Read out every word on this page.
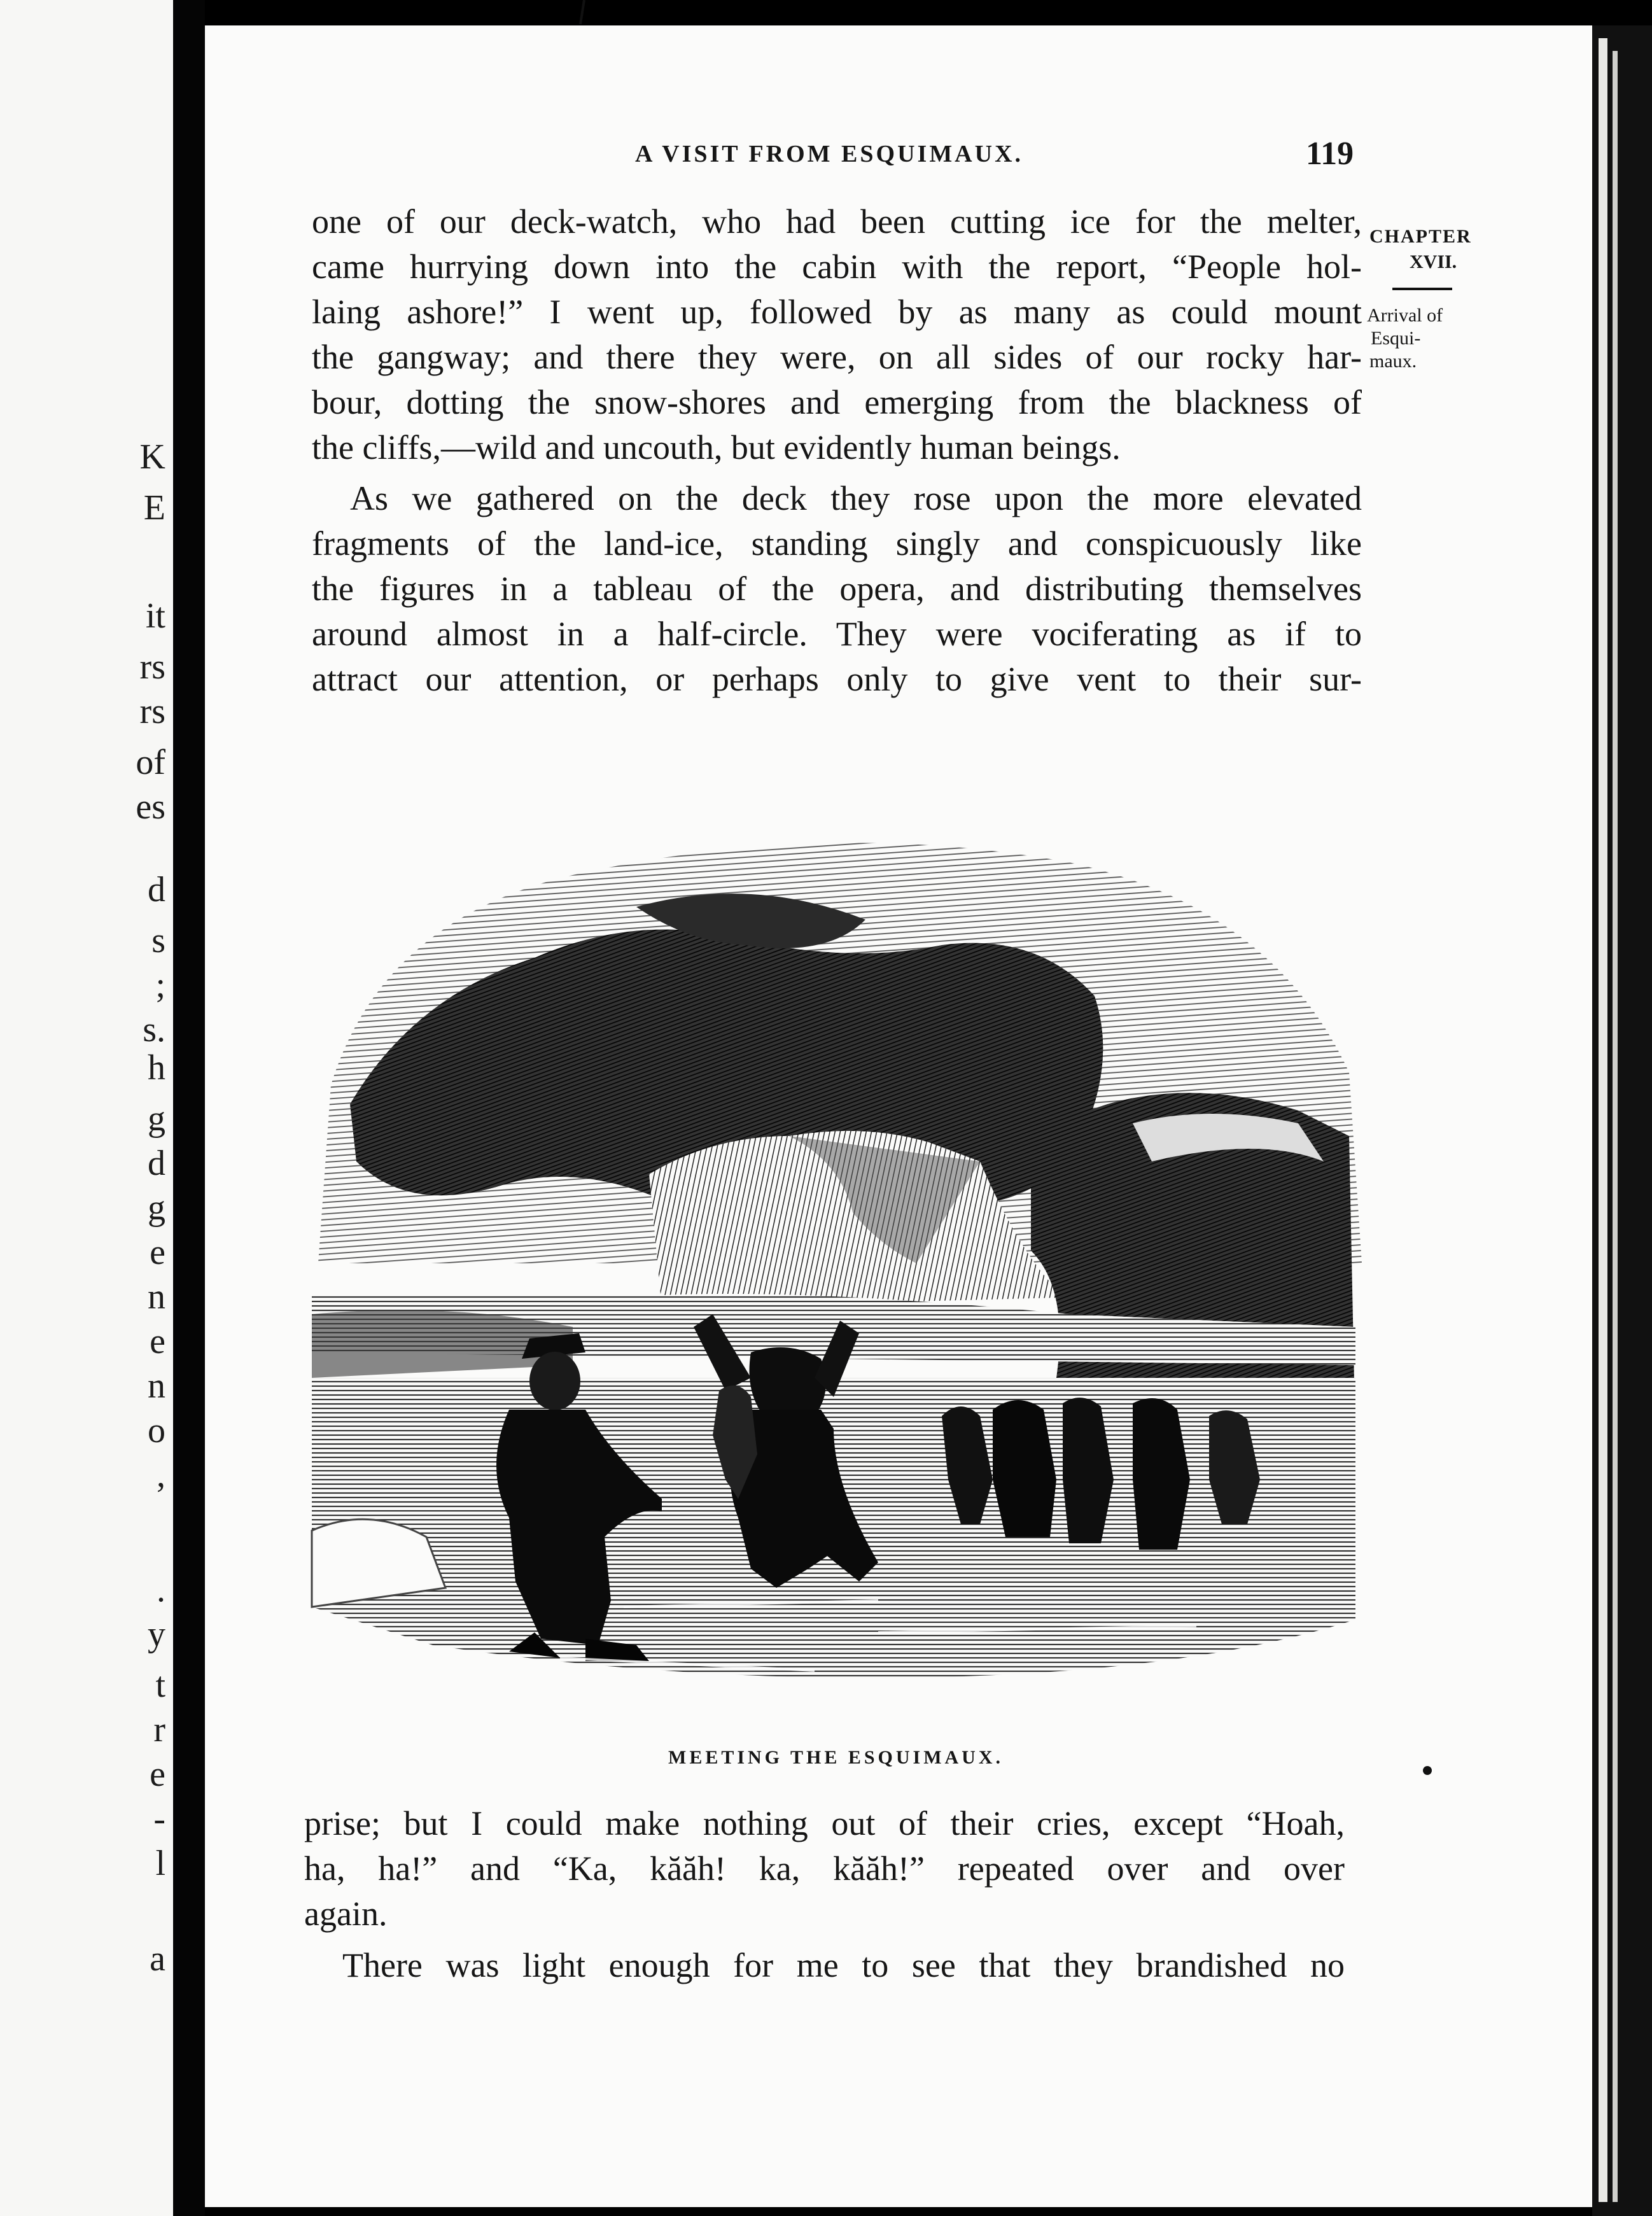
K
E
it
rs
rs
of
es
d
s
;
s.
h
g
d
g
e
n
e
n
o
,
.
y
t
r
e
-
l
a
A VISIT FROM ESQUIMAUX.	119
CHAPTER
XVII.
Arrival of
Esqui-
maux.
one of our deck-watch, who had been cutting ice for the melter,
came hurrying down into the cabin with the report, “People hol-
laing ashore!” I went up, followed by as many as could mount
the gangway; and there they were, on all sides of our rocky har-
bour, dotting the snow-shores and emerging from the blackness of
the cliffs,—wild and uncouth, but evidently human beings.
As we gathered on the deck they rose upon the more elevated
fragments of the land-ice, standing singly and conspicuously like
the figures in a tableau of the opera, and distributing themselves
around almost in a half-circle. They were vociferating as if to
attract our attention, or perhaps only to give vent to their sur-
MEETING THE ESQUIMAUX.
prise; but I could make nothing out of their cries, except “Hoah,
ha, ha!” and “Ka, kăăh! ka, kăăh!” repeated over and over
again.
There was light enough for me to see that they brandished no
